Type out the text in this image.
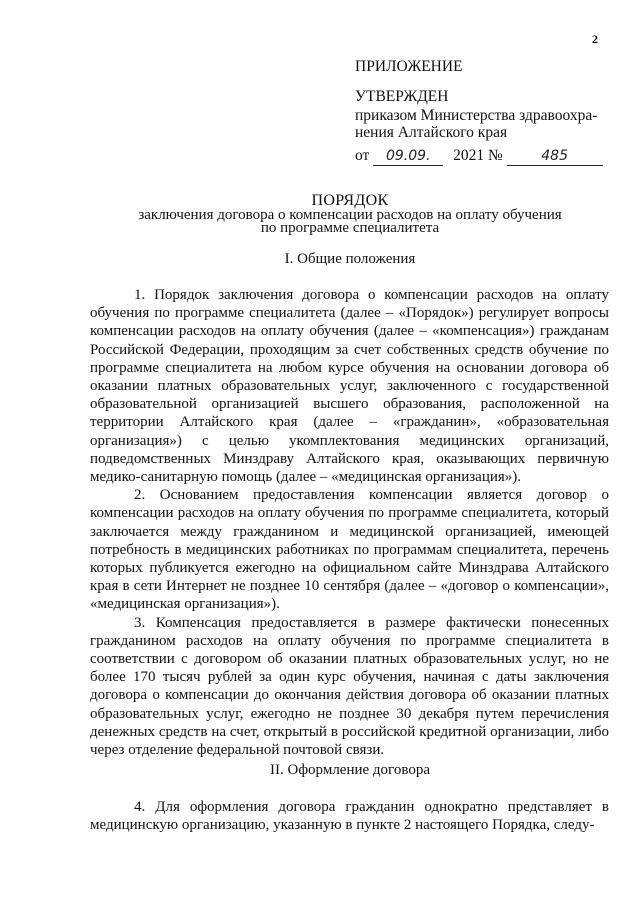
2
ПРИЛОЖЕНИЕ
УТВЕРЖДЕН
приказом Министерства здравоохра-
нения Алтайского края
от 09.09. 2021 №	485
ПОРЯДОК
заключения договора о компенсации расходов на оплату обучения
по программе специалитета
I. Общие положения

1. Порядок заключения договора о компенсации расходов на оплату обучения по программе специалитета (далее – «Порядок») регулирует вопросы компенсации расходов на оплату обучения (далее – «компенсация») гражданам Российской Федерации, проходящим за счет собственных средств обучение по программе специалитета на любом курсе обучения на основании договора об оказании платных образовательных услуг, заключенного с государственной образовательной организацией высшего образования, расположенной на территории Алтайского края (далее – «гражданин», «образовательная организация») с целью укомплектования медицинских организаций, подведомственных Минздраву Алтайского края, оказывающих первичную медико-санитарную помощь (далее – «медицинская организация»).

2. Основанием предоставления компенсации является договор о компенсации расходов на оплату обучения по программе специалитета, который заключается между гражданином и медицинской организацией, имеющей потребность в медицинских работниках по программам специалитета, перечень которых публикуется ежегодно на официальном сайте Минздрава Алтайского края в сети Интернет не позднее 10 сентября (далее – «договор о компенсации», «медицинская организация»).

3. Компенсация предоставляется в размере фактически понесенных гражданином расходов на оплату обучения по программе специалитета в соответствии с договором об оказании платных образовательных услуг, но не более 170 тысяч рублей за один курс обучения, начиная с даты заключения договора о компенсации до окончания действия договора об оказании платных образовательных услуг, ежегодно не позднее 30 декабря путем перечисления денежных средств на счет, открытый в российской кредитной организации, либо через отделение федеральной почтовой связи.

II. Оформление договора

4. Для оформления договора гражданин однократно представляет в медицинскую организацию, указанную в пункте 2 настоящего Порядка, следу-
